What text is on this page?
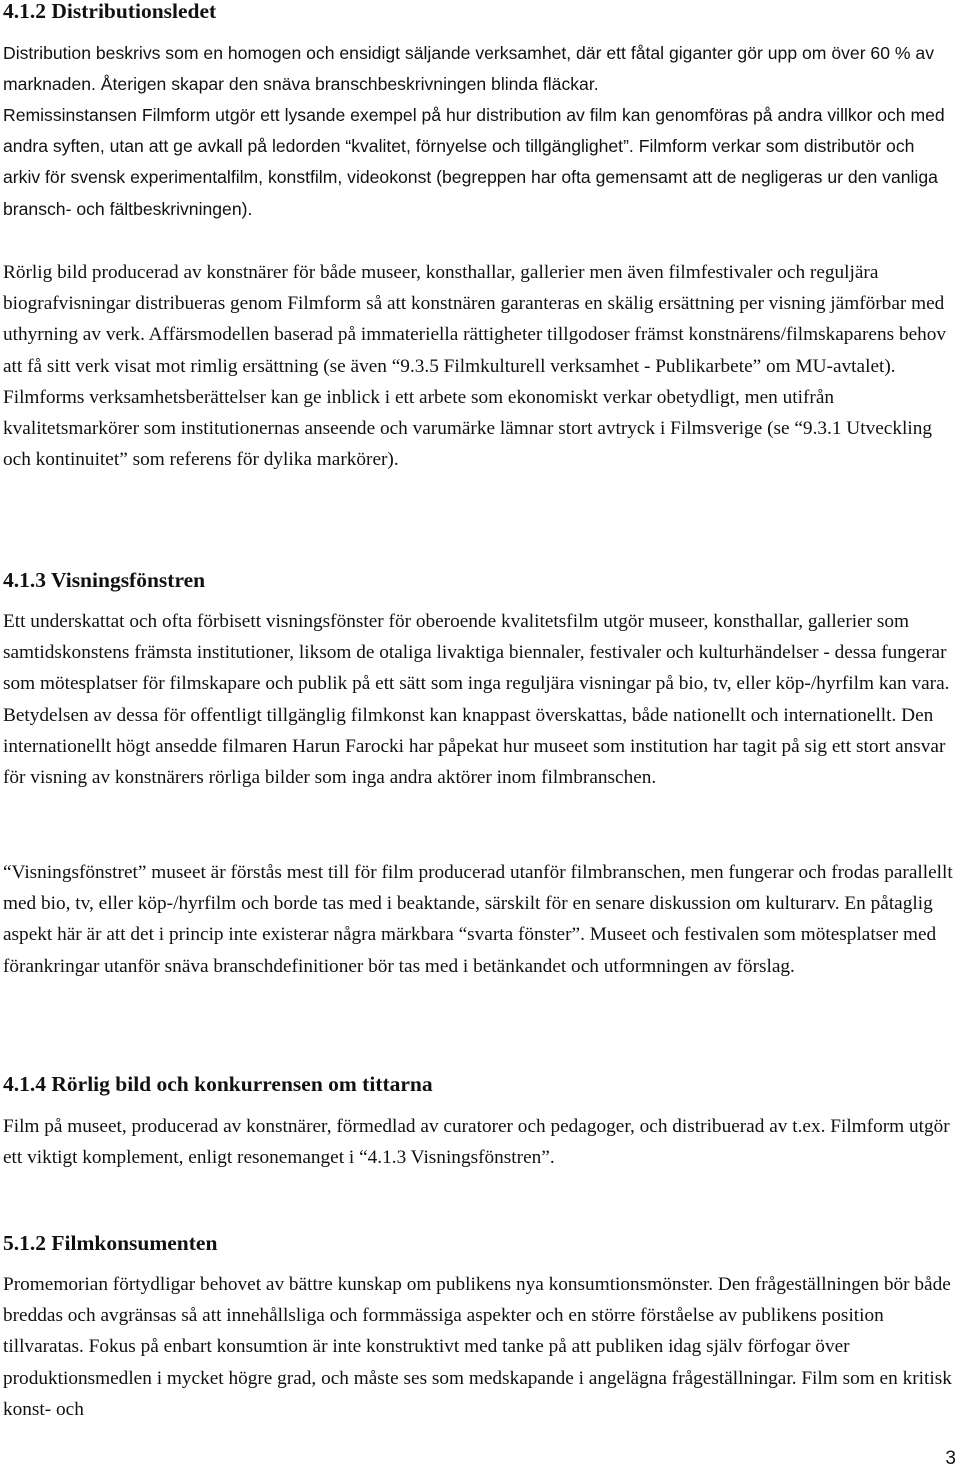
4.1.2 Distributionsledet

Distribution beskrivs som en homogen och ensidigt säljande verksamhet, där ett fåtal giganter gör upp om över 60 % av marknaden. Återigen skapar den snäva branschbeskrivningen blinda fläckar.

Remissinstansen Filmform utgör ett lysande exempel på hur distribution av film kan genomföras på andra villkor och med andra syften, utan att ge avkall på ledorden “kvalitet, förnyelse och tillgänglighet”. Filmform verkar som distributör och arkiv för svensk experimentalfilm, konstfilm, videokonst (begreppen har ofta gemensamt att de negligeras ur den vanliga bransch- och fältbeskrivningen).

Rörlig bild producerad av konstnärer för både museer, konsthallar, gallerier men även filmfestivaler och reguljära biografvisningar distribueras genom Filmform så att konstnären garanteras en skälig ersättning per visning jämförbar med uthyrning av verk. Affärsmodellen baserad på immateriella rättigheter tillgodoser främst konstnärens/filmskaparens behov att få sitt verk visat mot rimlig ersättning (se även “9.3.5 Filmkulturell verksamhet - Publikarbete” om MU-avtalet). Filmforms verksamhetsberättelser kan ge inblick i ett arbete som ekonomiskt verkar obetydligt, men utifrån kvalitetsmarkörer som institutionernas anseende och varumärke lämnar stort avtryck i Filmsverige (se “9.3.1 Utveckling och kontinuitet” som referens för dylika markörer).

4.1.3 Visningsfönstren

Ett underskattat och ofta förbisett visningsfönster för oberoende kvalitetsfilm utgör museer, konsthallar, gallerier som samtidskonstens främsta institutioner, liksom de otaliga livaktiga biennaler, festivaler och kulturhändelser - dessa fungerar som mötesplatser för filmskapare och publik på ett sätt som inga reguljära visningar på bio, tv, eller köp-/hyrfilm kan vara. Betydelsen av dessa för offentligt tillgänglig filmkonst kan knappast överskattas, både nationellt och internationellt. Den internationellt högt ansedde filmaren Harun Farocki har påpekat hur museet som institution har tagit på sig ett stort ansvar för visning av konstnärers rörliga bilder som inga andra aktörer inom filmbranschen.

“Visningsfönstret” museet är förstås mest till för film producerad utanför filmbranschen, men fungerar och frodas parallellt med bio, tv, eller köp-/hyrfilm och borde tas med i beaktande, särskilt för en senare diskussion om kulturarv. En påtaglig aspekt här är att det i princip inte existerar några märkbara “svarta fönster”. Museet och festivalen som mötesplatser med förankringar utanför snäva branschdefinitioner bör tas med i betänkandet och utformningen av förslag.

4.1.4 Rörlig bild och konkurrensen om tittarna

Film på museet, producerad av konstnärer, förmedlad av curatorer och pedagoger, och distribuerad av t.ex. Filmform utgör ett viktigt komplement, enligt resonemanget i “4.1.3 Visningsfönstren”.

5.1.2 Filmkonsumenten

Promemorian förtydligar behovet av bättre kunskap om publikens nya konsumtionsmönster. Den frågeställningen bör både breddas och avgränsas så att innehållsliga och formmässiga aspekter och en större förståelse av publikens position tillvaratas. Fokus på enbart konsumtion är inte konstruktivt med tanke på att publiken idag själv förfogar över produktionsmedlen i mycket högre grad, och måste ses som medskapande i angelägna frågeställningar. Film som en kritisk konst- och

3
